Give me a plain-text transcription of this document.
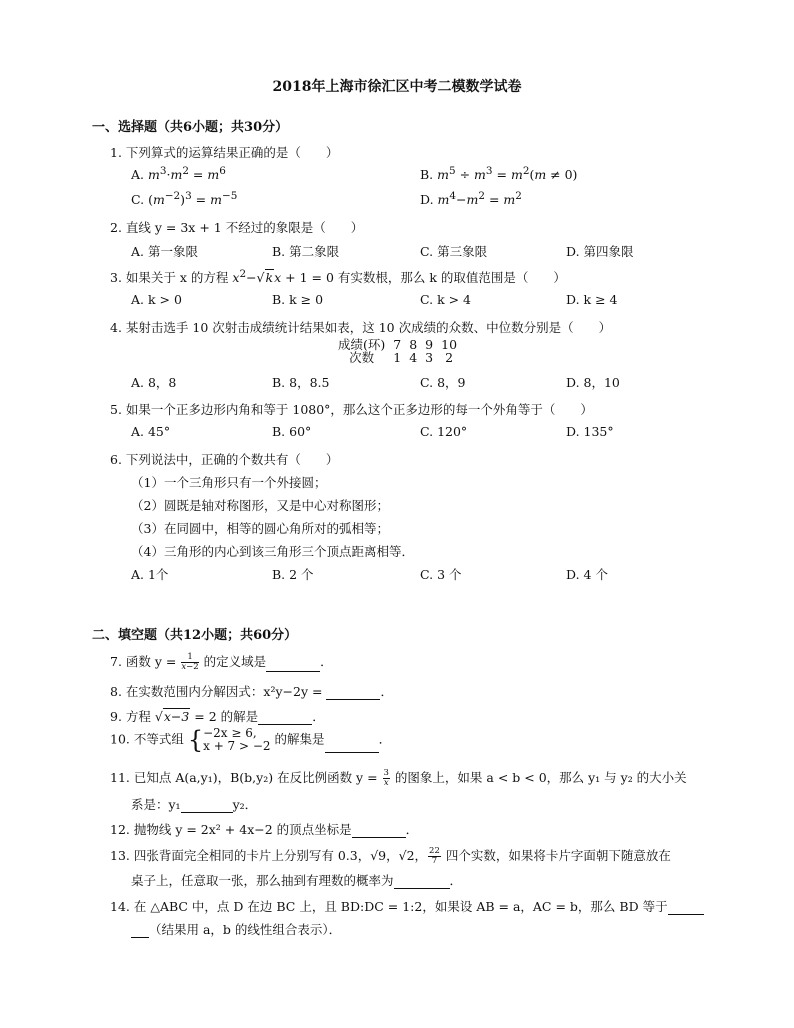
2018年上海市徐汇区中考二模数学试卷
一、选择题（共6小题；共30分）
1. 下列算式的运算结果正确的是（　　）
A. $m^3\cdot m^2 = m^6$	B. $m^5 \div m^3 = m^2(m \ne 0)$
C. $(m^{-2})^3 = m^{-5}$	D. $m^4-m^2 = m^2$
2. 直线 y = 3x + 1 不经过的象限是（　　）
A. 第一象限	B. 第二象限	C. 第三象限	D. 第四象限
3. 如果关于 x 的方程 $x^2-√kx + 1 = 0$ 有实数根，那么 k 的取值范围是（　　）
A. k > 0	B. k ≥ 0	C. k > 4	D. k ≥ 4
4. 某射击选手 10 次射击成绩统计结果如表，这 10 次成绩的众数、中位数分别是（　　）
成绩(环)	7	8	9	10
次数	1	4	3	2
A. 8，8	B. 8，8.5	C. 8，9	D. 8，10
5. 如果一个正多边形内角和等于 1080°，那么这个正多边形的每一个外角等于（　　）
A. 45°	B. 60°	C. 120°	D. 135°
6. 下列说法中，正确的个数共有（　　）
（1）一个三角形只有一个外接圆；
（2）圆既是轴对称图形，又是中心对称图形；
（3）在同圆中，相等的圆心角所对的弧相等；
（4）三角形的内心到该三角形三个顶点距离相等．
A. 1个	B. 2 个	C. 3 个	D. 4 个
二、填空题（共12小题；共60分）
7. 函数 $y = \frac{1}{x-2}$ 的定义域是	．
8. 在实数范围内分解因式：x²y−2y =	．
9. 方程 √x−3 = 2 的解是	．
10. 不等式组 { −2x ≥ 6,
x + 7 > −2 的解集是	．
11. 已知点 A(a,y₁)，B(b,y₂) 在反比例函数 $y = \frac{3}{x}$ 的图象上，如果 a < b < 0，那么 y₁ 与 y₂ 的大小关
系是：y₁	y₂．
12. 抛物线 y = 2x² + 4x−2 的顶点坐标是	．
13. 四张背面完全相同的卡片上分别写有 0.3，√9，√2， $\frac{22}{7}$ 四个实数，如果将卡片字面朝下随意放在
桌子上，任意取一张，那么抽到有理数的概率为	．
14. 在 △ABC 中，点 D 在边 BC 上，且 BD:DC = 1:2，如果设 AB = a，AC = b，那么 BD 等于
（结果用 a，b 的线性组合表示）．
